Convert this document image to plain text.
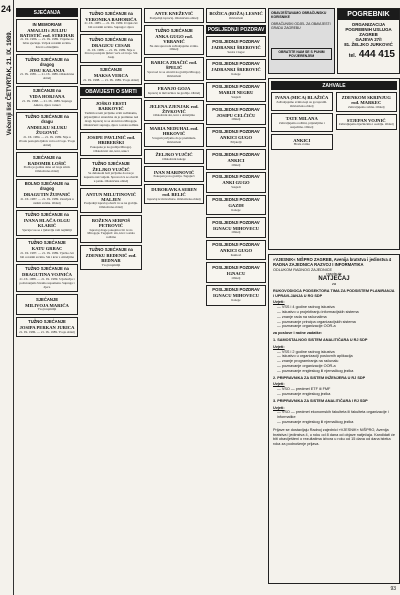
24
Večernji list ČETVRTAK, 21. IX. 1989.
SJEĆANJA
IN MEMORIAM
AMALIJI i JULIJU BATISTIĆ rođ. STREHAR
21. IX. 1986. — 21. IX. 1989. Vrijeme ne briše sjećanje. Uvijek u našim srcima. Kćeri s obiteljima
TUŽNO SJEĆANJE na dragog
JOSU KALANJA
21. IX. 1985. — 21. IX. 1989. Ožalošćena obitelj
SJEĆANJE na
VIDA HORJANA
21. IX. 1988. — 21. IX. 1989. Supruga Ankica, djeca i unuci
TUŽNO SJEĆANJE na dragu
ANDELKU SLUKU ŽUGOVIĆ
21. IX. 1984. — 21. IX. 1989. Nije u životu postojala ljubav veća od tvoje. Tvoja obitelj
SJEĆANJE na
RADOMIR LOŠIĆ
Prošla je godina dana od tvoje smrti. Ožalošćena obitelj
BOLNO SJEĆANJE na dragog
DRAGUTIN ŽUPANIĆ
21. IX. 1987. — 21. IX. 1989. Zauvijek u našim srcima. Obitelj
TUŽNO SJEĆANJE na
IVANA HLAČA OLGU KLARIĆ
Sjećaju vas se s ljubavlju vaši najmiliji
TUŽNO SJEĆANJE
KATU GRBAC
21. IX. 1987. — 21. IX. 1989. Vječno ćeš biti u našim srcima. Sin i kćer s obiteljima
TUŽNO SJEĆANJE na
DRAGUTINA VOJNIĆA
21. IX. 1988. — 21. IX. 1989. S ljubavlju i poštovanjem čuvamo uspomenu. Supruga i djeca
SJEĆANJE
MILIVOJA MARIĆA
Tvoji najmiliji
TUŽNO SJEĆANJE
JOSIPA PERKAN JURICA
21. IX. 1986. — 21. IX. 1989. Tvoja obitelj
TUŽNO SJEĆANJE na
VERONIKA BAHORIĆA
21. IX. 1983. — 21. IX. 1989. Uvijek ćeš biti u našim srcima. Supruga i djeca
TUŽNO SJEĆANJE na
DRAGICU CESAR
21. IX. 1988. — 21. IX. 1989. Nije u životu postojala ljubav veća od tvoje. Sin Josip
SJEĆANJE
MAKSA VERCA
21. IX. 1988. — 21. IX. 1989. Tvoja obitelj
OBAVIJESTI O SMRTI
JOŠKO ERSTI BARKOVIĆ
Tužnim srcem javljamo svim rodbinama, prijateljima i znancima da je preminuo naš dragi. Ispraćaj će se obaviti na Mirogoju. Ožalošćeni: supruga, djeca i ostala rodbina
JOSIPE PAVLINIĆ rođ. HRIBERŠKI
Pokopana je na groblju Mirogoj. Ožalošćeni: sin, kćer, unuci
TUŽNO SJEĆANJE
ŽELJKO VUJČIĆ
Sa dubokom boli javljamo da nas je napustio naš voljeni. Sprovod će se obaviti u petak. Ožalošćena obitelj
ANTUN MILUTINOVIĆ MALJEN
Posljednji ispraćaj obavit će se na groblju. Ožalošćena obitelj
BOŽENA SERPOŠ PETROVIĆ
Ispraćaj drage pokojnice bit će na Mirogoju. Tugujući: sin, kćer i ostala rodbina
TUŽNO SJEĆANJE na
ZDENKU BEDENIĆ rođ. BEDNAR
Tvoji najmiliji
ANTE KNEŽEVIĆ
Posljednji ispraćaj. Ožalošćena obitelj
TUŽNO SJEĆANJE
ANKA GUGO rođ. VRBANIĆ
Na dan sprovoda zahvaljujemo svima. Obitelj
BARICA ZRAČIĆ rođ. ŠPELIĆ
Sprovod će se obaviti na groblju Mirogoj. Ožalošćeni
FRANJO GOJA
Ispraćaj iz mrtvačnice na groblje. Obitelj
JELENA ZJENJAK rod. ŽIVKOVIĆ
Ožalošćeni sin, kćer s obiteljima
MARIA NEDUHAL rođ. HRKOVIĆ
S tugom javljamo da je preminula. Ožalošćeni
ŽELJKO VUJČIĆ
Ožalošćeni kolege
IVAN MARINOVIĆ
Pokopan je na groblju. Tugujući
DUBORAVKA SEBEN rođ. BELIĆ
Ispraćaj iz mrtvačnice. Ožalošćena obitelj
BOŽICA (BOŽA) LESNIĆ
Ožalošćeni
POSLJEDNJI POZDRAV
POSLJEDNJI POZDRAV
JADRANKI ŠREBOVIĆ
Sestra i šogor
POSLJEDNJI POZDRAV
JADRANKI ŠREBOVIĆ
Kolege
POSLJEDNJI POZDRAV
MARIJI NEGRU
Susjedi
POSLJEDNJI POZDRAV
JOSIPU CELČIĆU
Obitelj
POSLJEDNJI POZDRAV
ANKICI GUGO
Prijatelji
POSLJEDNJI POZDRAV
ANKICI
Obitelj
POSLJEDNJI POZDRAV
ANKI GUGO
Susjedi
POSLJEDNJI POZDRAV
GAZIH
Kolege
POSLJEDNJI POZDRAV
IGNACU MIHOVECU
Obitelj
POSLJEDNJI POZDRAV
ANKICI GUGO
Kumovi
POSLJEDNJI POZDRAV
IGNACU
Obitelj
POSLJEDNJI POZDRAV
IGNACU MIHOVECU
Kolege
OBAVJEŠTAVAMO OBRAČUNSKU KORISNIKE
OBRAČUNSKI ODJEL ZA OBAVIJESTI GRADU ZAGREBU
OBRATITE NAM SE S PUNIM POVJERENJEM
POGREBNIK
ORGANIZACIJA POGREBNIH USLUGA
ZAGREB
GAJEVA 27/I
81. ŽELJKO JURKOVIĆ
tel. 444 415
ZAHVALE
IVANA (MICA) BLAŽIĆA
Zahvaljujemo svima koji su ga ispratili. Ožalošćena obitelj
TATE MILANA
Zahvaljujemo rodbini, prijateljima i susjedima. Obitelj
ANKICI
Hvala svima
ZDENKOM SKRINJUG rođ. MARKEC
Zahvaljujemo svima. Obitelj
STJEPAN VOJNIĆ
Zahvaljujemo liječnicima i osoblju. Obitelj
»VJESNIK« NIŠPRO ZAGREB, Avenija bratstva i jedinstva 4 RADNA ZAJEDNICA RAZVOJ I INFORMATIKA
ODLUKOM RADNOG ZAJEDNICE
raspisuje
NATJEČAJ
za
RUKOVODIOCA PODSEKTORA TIMA ZA PODSISTEM PLANIRANJA I UPRAVLJANJA U RO SDP
Uvjeti:
— VSS i 4 godine radnog iskustva
— iskustvo u projektiranju informacijskih sistema
— znanje rada na računalima
— poznavanje principa organizacijskih sistema
— poznavanje organizacije OOR-a
za poslove i radne zadatke:
1. SAMOSTALNOG SISTEM ANALITIČARA U RJ SDP
Uvjeti:
— VSS i 2 godine radnog iskustva
— iskustvo u organizaciji poslovnih aplikacija
— znanje programiranja na računalu
— poznavanje organizacije OOR-a
— poznavanje engleskog ili njemačkog jezika
2. PRIPRAVNIKA ZA SISTEM INŽENJERA U RJ SDP
Uvjeti:
— VSO — predmet ETF ili FMF
— poznavanje engleskog jezika
3. PRIPRAVNIKA ZA SISTEM ANALITIČARA I RJ SDP
Uvjeti:
— VSO — predmet ekonomskih fakulteta ili fakulteta organizacije i informatike
— poznavanje engleskog ili njemačkog jezika
Prijave se dostavljaju Radnoj zajednici »VJESNIK« NIŠPRO, Avenija bratstva i jedinstva 4, u roku od 8 dana od objave natječaja. Kandidati će biti obaviješteni o rezultatima izbora u roku od 15 dana od dana isteka roka za podnošenje prijava.
93
